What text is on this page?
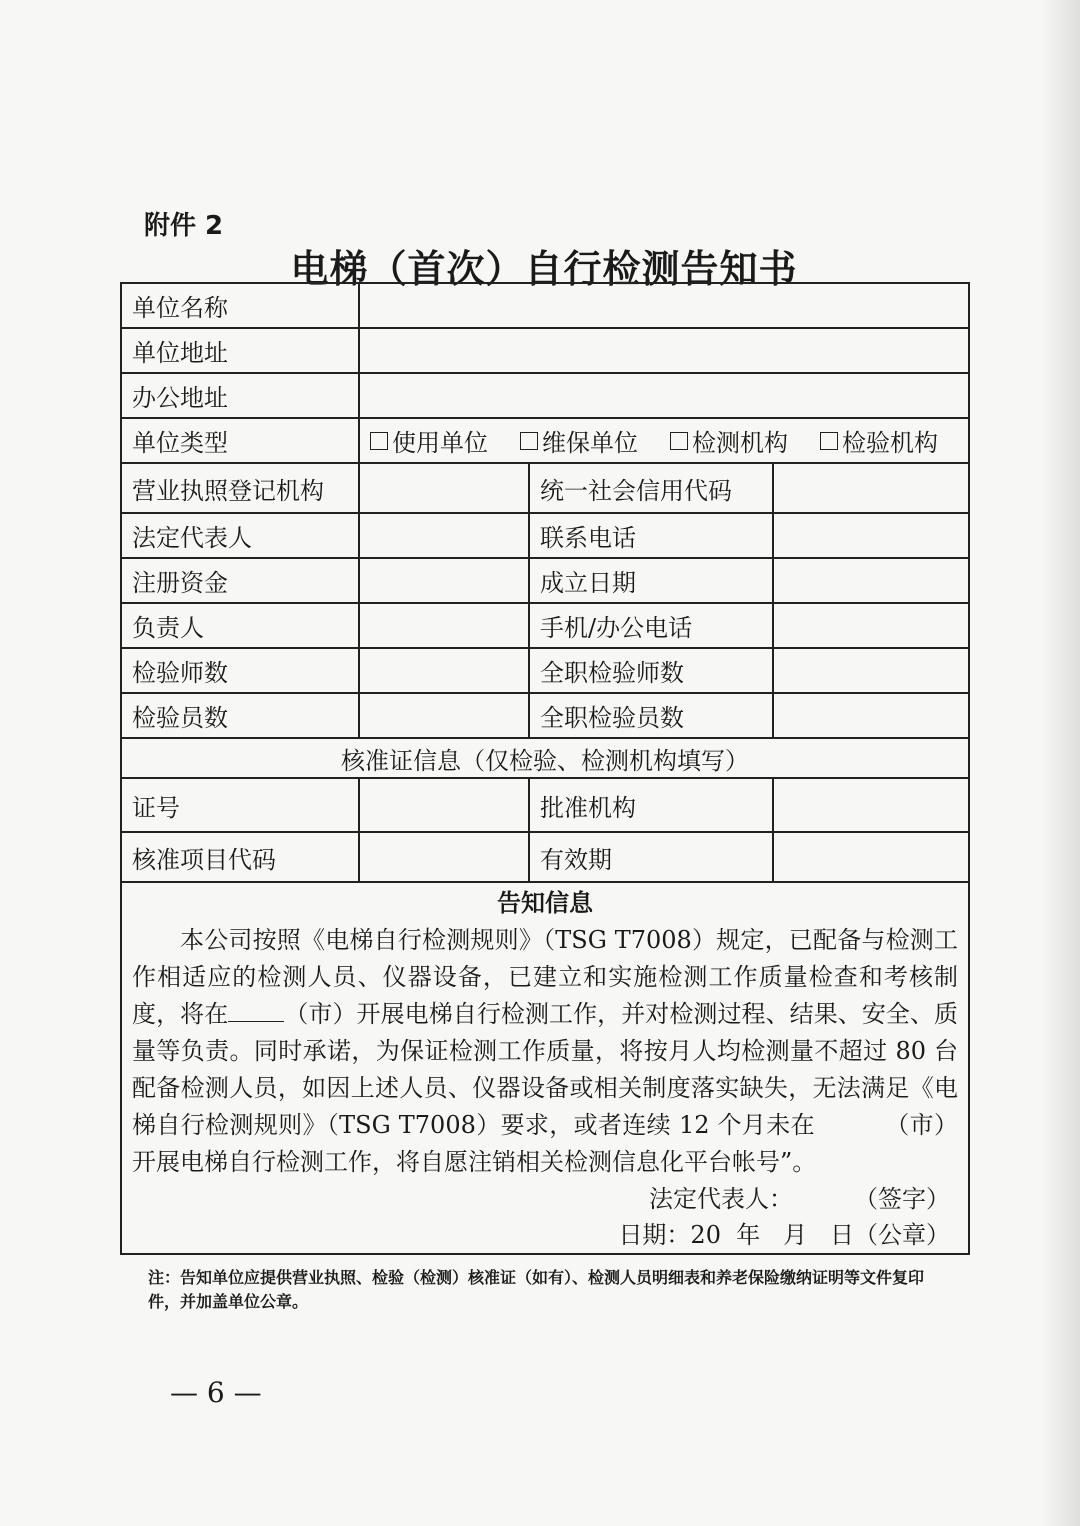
附件 2
电梯（首次）自行检测告知书
单位名称			
单位地址			
办公地址			
单位类型	使用单位 维保单位 检测机构 检验机构		

营业执照登记机构		统一社会信用代码	
法定代表人		联系电话	
注册资金		成立日期	
负责人		手机/办公电话	
检验师数		全职检验师数	
检验员数		全职检验员数	
核准证信息（仅检验、检测机构填写）			
证号		批准机构	
核准项目代码		有效期	

告知信息
本公司按照《电梯自行检测规则》（TSG T7008）规定，已配备与检测工作相适应的检测人员、仪器设备，已建立和实施检测工作质量检查和考核制度，将在 （市）开展电梯自行检测工作，并对检测过程、结果、安全、质量等负责。同时承诺，为保证检测工作质量，将按月人均检测量不超过 80 台配备检测人员，如因上述人员、仪器设备或相关制度落实缺失，无法满足《电梯自行检测规则》（TSG T7008）要求，或者连续 12 个月未在 （市）开展电梯自行检测工作，将自愿注销相关检测信息化平台帐号”。
法定代表人：        （签字）
日期：20  年   月   日（公章）			
注：告知单位应提供营业执照、检验（检测）核准证（如有）、检测人员明细表和养老保险缴纳证明等文件复印件，并加盖单位公章。
— 6 —
